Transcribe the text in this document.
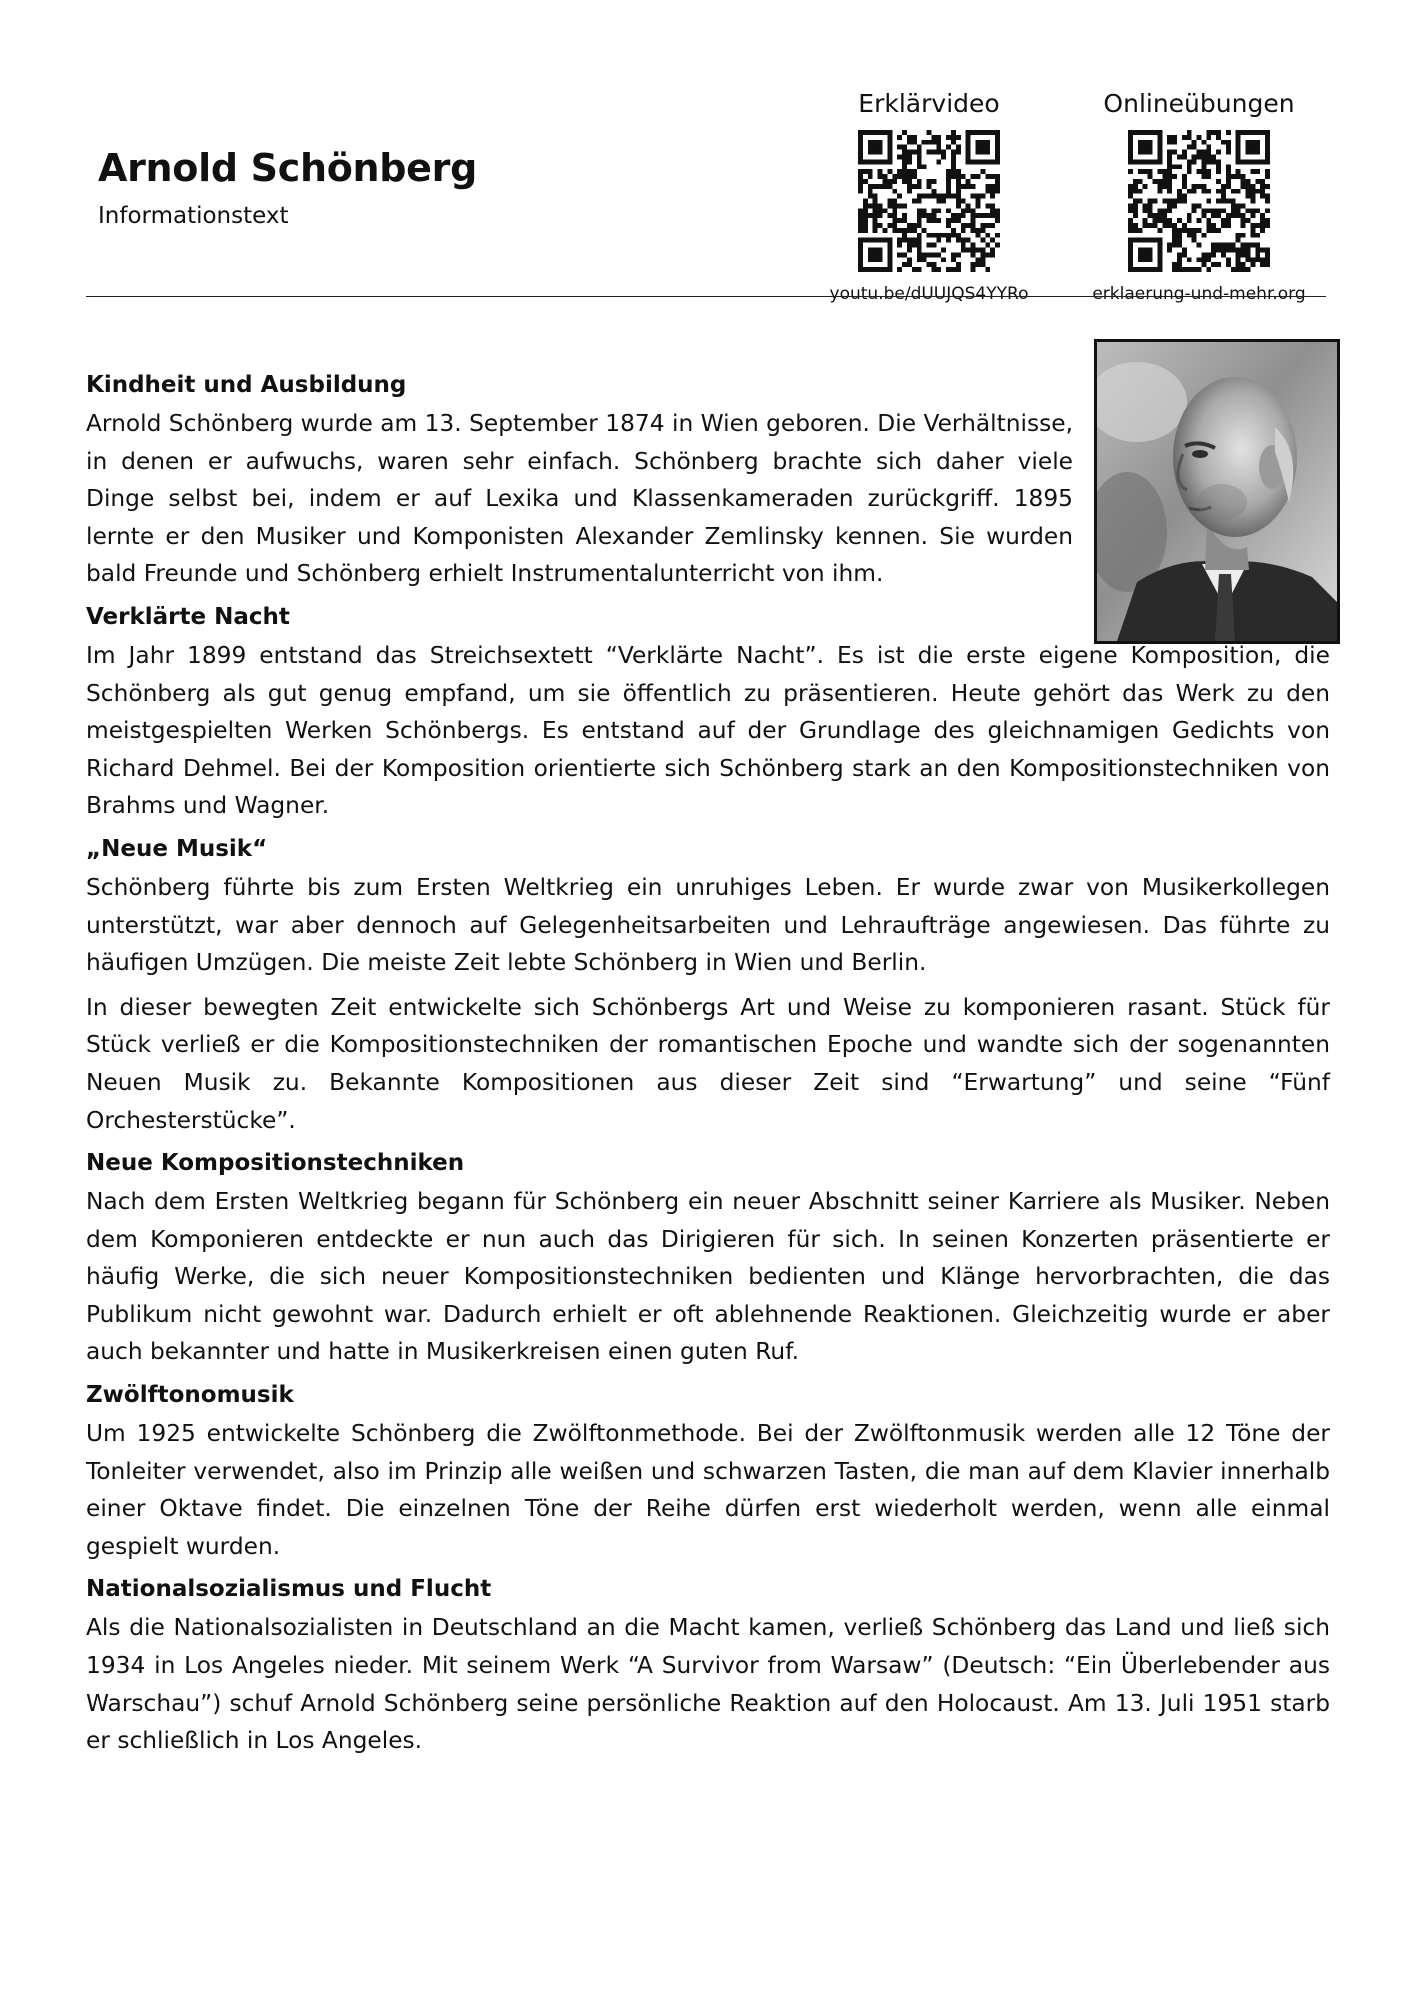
Arnold Schönberg
Informationstext
Erklärvideo
youtu.be/dUUJQS4YYRo
Onlineübungen
erklaerung-und-mehr.org
Kindheit und Ausbildung

Arnold Schönberg wurde am 13. September 1874 in Wien geboren. Die Verhältnisse, in denen er aufwuchs, waren sehr einfach. Schönberg brachte sich daher viele Dinge selbst bei, indem er auf Lexika und Klassenkameraden zurückgriff. 1895 lernte er den Musiker und Komponisten Alexander Zemlinsky kennen. Sie wurden bald Freunde und Schönberg erhielt Instrumentalunterricht von ihm.

Verklärte Nacht

Im Jahr 1899 entstand das Streichsextett “Verklärte Nacht”. Es ist die erste eigene Komposition, die Schönberg als gut genug empfand, um sie öffentlich zu präsentieren. Heute gehört das Werk zu den meistgespielten Werken Schönbergs. Es entstand auf der Grundlage des gleichnamigen Gedichts von Richard Dehmel. Bei der Komposition orientierte sich Schönberg stark an den Kompositionstechniken von Brahms und Wagner.

„Neue Musik“

Schönberg führte bis zum Ersten Weltkrieg ein unruhiges Leben. Er wurde zwar von Musikerkollegen unterstützt, war aber dennoch auf Gelegenheitsarbeiten und Lehraufträge angewiesen. Das führte zu häufigen Umzügen. Die meiste Zeit lebte Schönberg in Wien und Berlin.

In dieser bewegten Zeit entwickelte sich Schönbergs Art und Weise zu komponieren rasant. Stück für Stück verließ er die Kompositionstechniken der romantischen Epoche und wandte sich der sogenannten Neuen Musik zu. Bekannte Kompositionen aus dieser Zeit sind “Erwartung” und seine “Fünf Orchesterstücke”.

Neue Kompositionstechniken

Nach dem Ersten Weltkrieg begann für Schönberg ein neuer Abschnitt seiner Karriere als Musiker. Neben dem Komponieren entdeckte er nun auch das Dirigieren für sich. In seinen Konzerten präsentierte er häufig Werke, die sich neuer Kompositionstechniken bedienten und Klänge hervorbrachten, die das Publikum nicht gewohnt war. Dadurch erhielt er oft ablehnende Reaktionen. Gleichzeitig wurde er aber auch bekannter und hatte in Musikerkreisen einen guten Ruf.

Zwölftonomusik

Um 1925 entwickelte Schönberg die Zwölftonmethode. Bei der Zwölftonmusik werden alle 12 Töne der Tonleiter verwendet, also im Prinzip alle weißen und schwarzen Tasten, die man auf dem Klavier innerhalb einer Oktave findet. Die einzelnen Töne der Reihe dürfen erst wiederholt werden, wenn alle einmal gespielt wurden.

Nationalsozialismus und Flucht

Als die Nationalsozialisten in Deutschland an die Macht kamen, verließ Schönberg das Land und ließ sich 1934 in Los Angeles nieder. Mit seinem Werk “A Survivor from Warsaw” (Deutsch: “Ein Überlebender aus Warschau”) schuf Arnold Schönberg seine persönliche Reaktion auf den Holocaust. Am 13. Juli 1951 starb er schließlich in Los Angeles.
